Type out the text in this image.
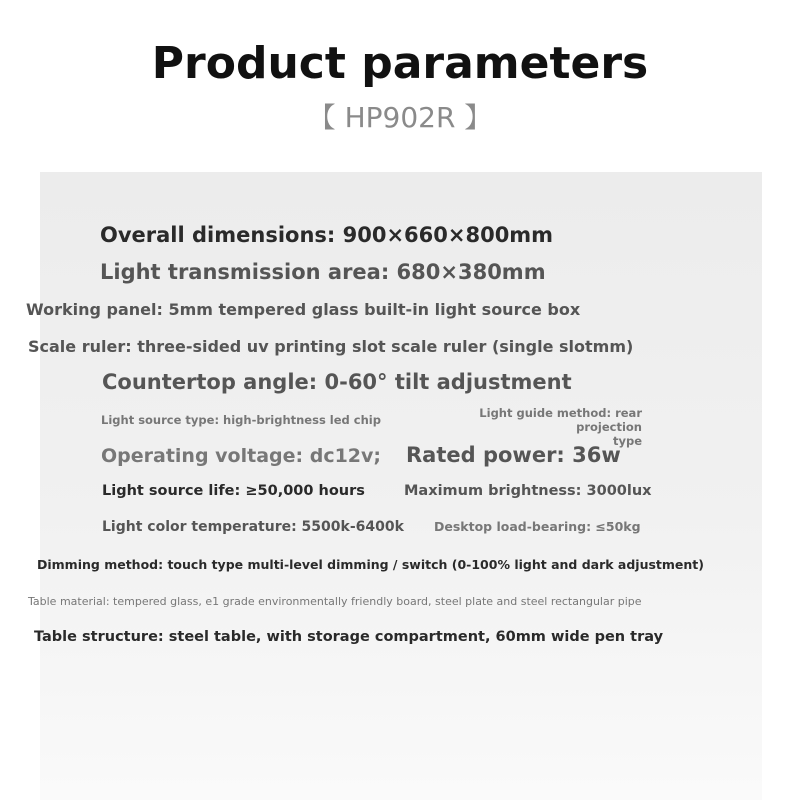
Product parameters
【 HP902R 】
Overall dimensions: 900×660×800mm
Light transmission area: 680×380mm
Working panel: 5mm tempered glass built-in light source box
Scale ruler: three-sided uv printing slot scale ruler (single slotmm)
Countertop angle: 0-60° tilt adjustment
Light source type: high-brightness led chip	Light guide method: rear projection
type
Operating voltage: dc12v; Rated power: 36w
Light source life: ≥50,000 hours	Maximum brightness: 3000lux
Light color temperature: 5500k-6400k Desktop load-bearing: ≤50kg
Dimming method: touch type multi-level dimming / switch (0-100% light and dark adjustment)
Table material: tempered glass, e1 grade environmentally friendly board, steel plate and steel rectangular pipe
Table structure: steel table, with storage compartment, 60mm wide pen tray
